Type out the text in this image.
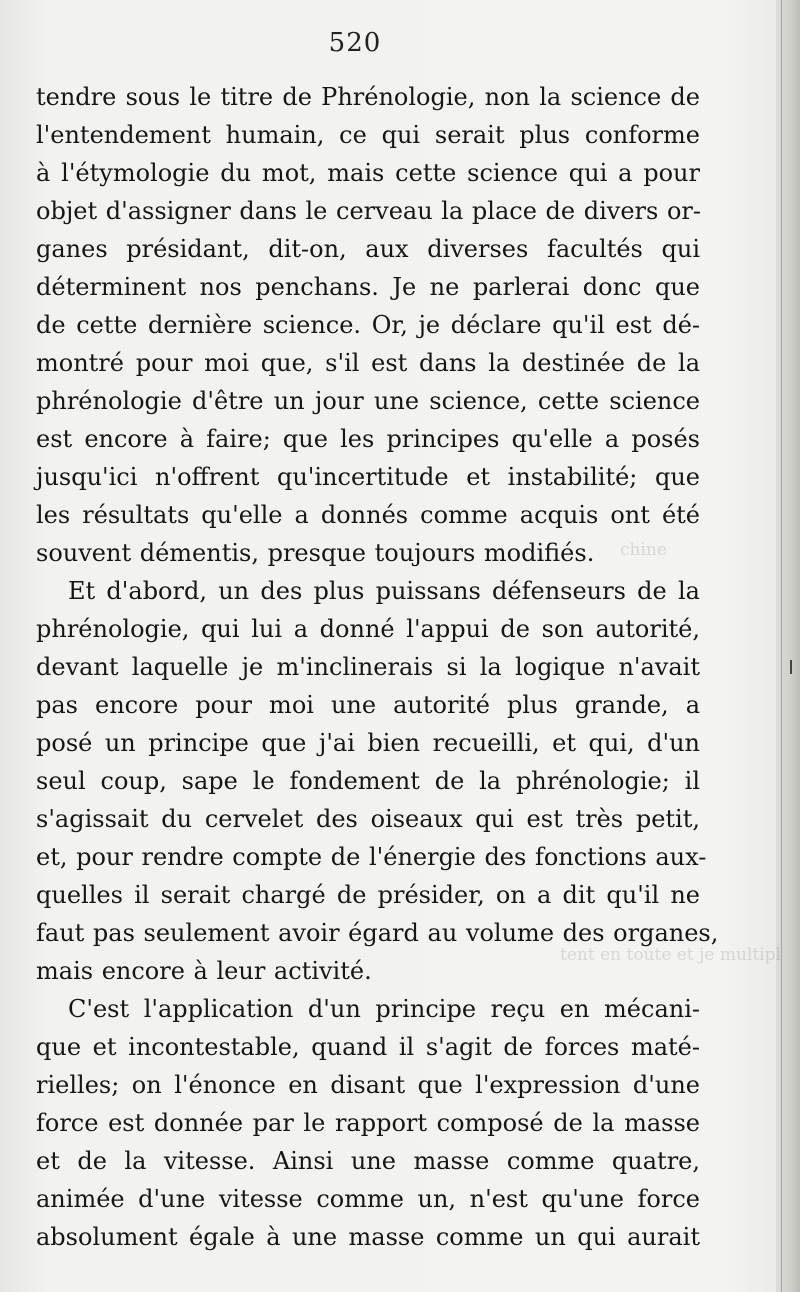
chine
tent en toute et je multipl
520
tendre sous le titre de Phrénologie, non la science de
l'entendement humain, ce qui serait plus conforme
à l'étymologie du mot, mais cette science qui a pour
objet d'assigner dans le cerveau la place de divers or-
ganes présidant, dit-on, aux diverses facultés qui
déterminent nos penchans. Je ne parlerai donc que
de cette dernière science. Or, je déclare qu'il est dé-
montré pour moi que, s'il est dans la destinée de la
phrénologie d'être un jour une science, cette science
est encore à faire; que les principes qu'elle a posés
jusqu'ici n'offrent qu'incertitude et instabilité; que
les résultats qu'elle a donnés comme acquis ont été
souvent démentis, presque toujours modifiés.
Et d'abord, un des plus puissans défenseurs de la
phrénologie, qui lui a donné l'appui de son autorité,
devant laquelle je m'inclinerais si la logique n'avait
pas encore pour moi une autorité plus grande, a
posé un principe que j'ai bien recueilli, et qui, d'un
seul coup, sape le fondement de la phrénologie; il
s'agissait du cervelet des oiseaux qui est très petit,
et, pour rendre compte de l'énergie des fonctions aux-
quelles il serait chargé de présider, on a dit qu'il ne
faut pas seulement avoir égard au volume des organes,
mais encore à leur activité.
C'est l'application d'un principe reçu en mécani-
que et incontestable, quand il s'agit de forces maté-
rielles; on l'énonce en disant que l'expression d'une
force est donnée par le rapport composé de la masse
et de la vitesse. Ainsi une masse comme quatre,
animée d'une vitesse comme un, n'est qu'une force
absolument égale à une masse comme un qui aurait
